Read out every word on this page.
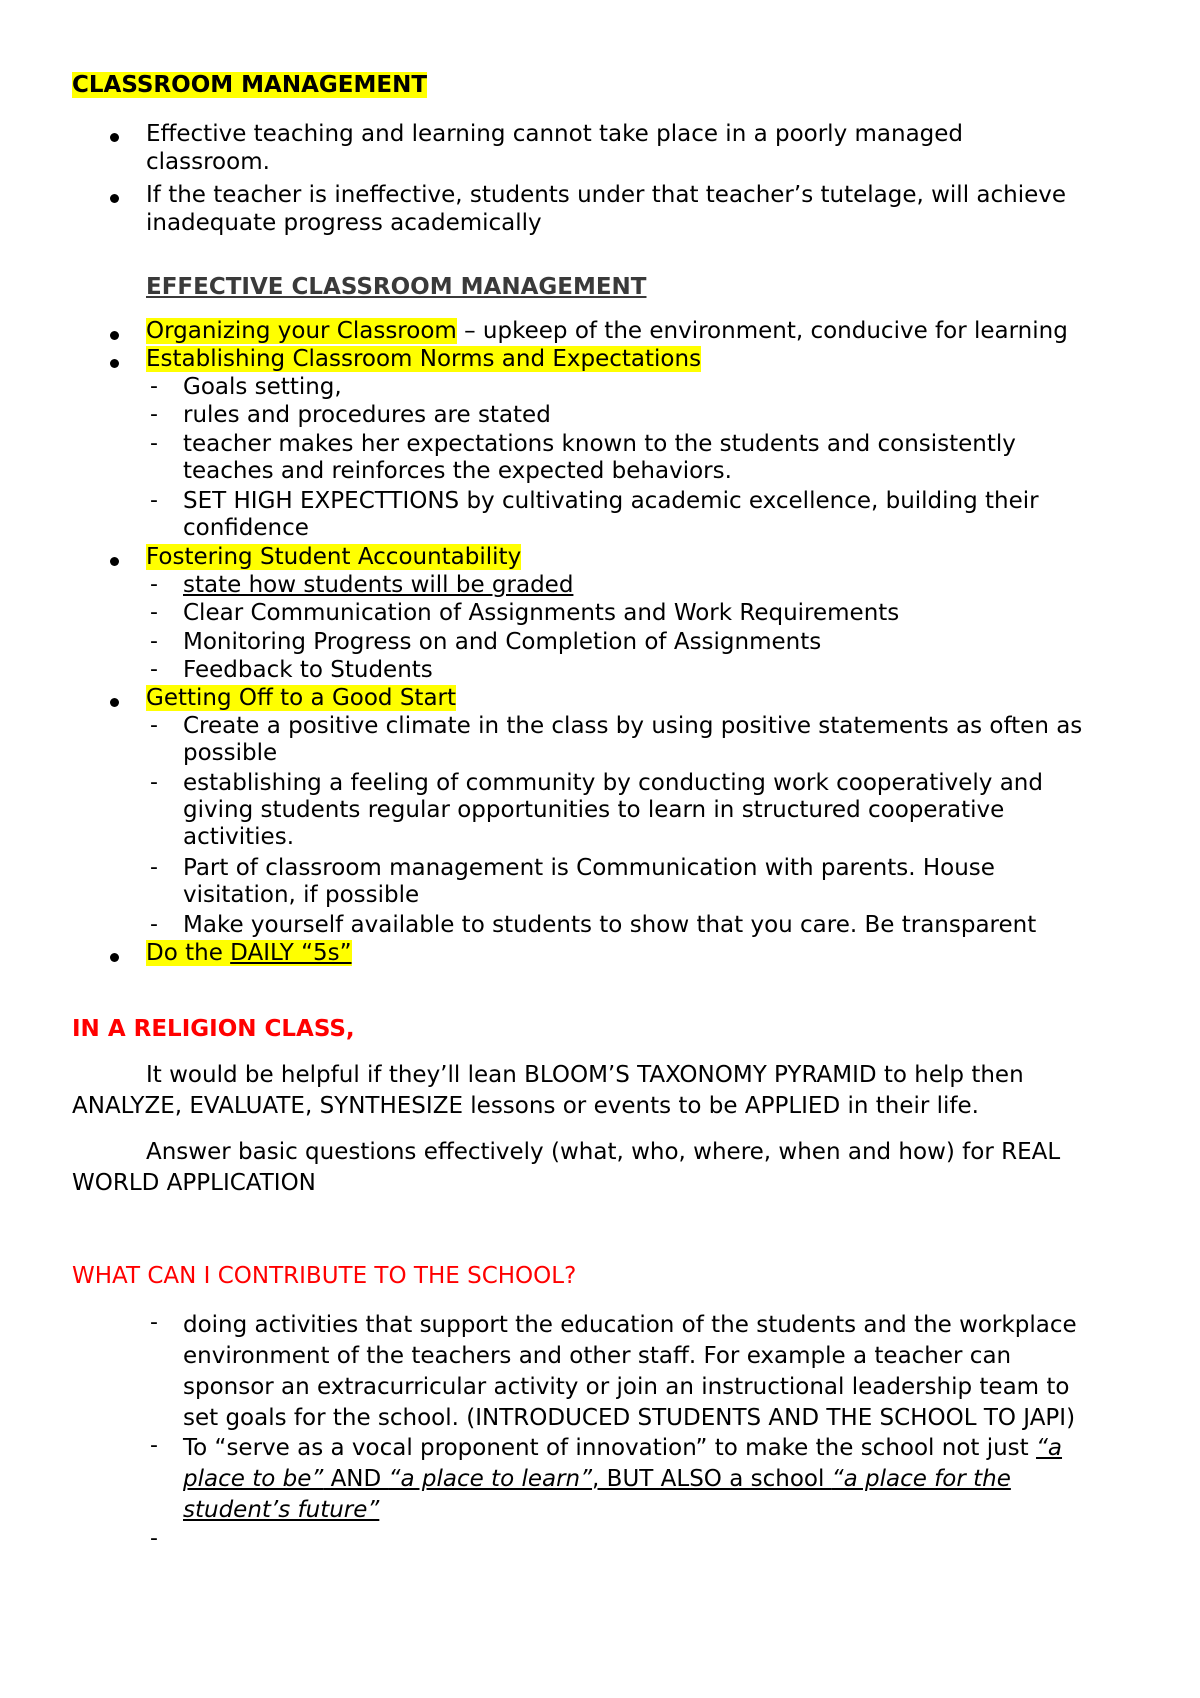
CLASSROOM MANAGEMENT
Effective teaching and learning cannot take place in a poorly managed
classroom.
If the teacher is ineffective, students under that teacher’s tutelage, will achieve
inadequate progress academically
EFFECTIVE CLASSROOM MANAGEMENT
Organizing your Classroom – upkeep of the environment, conducive for learning
Establishing Classroom Norms and Expectations
- Goals setting,
- rules and procedures are stated
- teacher makes her expectations known to the students and consistently
teaches and reinforces the expected behaviors.
- SET HIGH EXPECTTIONS by cultivating academic excellence, building their
confidence
Fostering Student Accountability
- state how students will be graded
- Clear Communication of Assignments and Work Requirements
- Monitoring Progress on and Completion of Assignments
- Feedback to Students
Getting Off to a Good Start
- Create a positive climate in the class by using positive statements as often as
possible
- establishing a feeling of community by conducting work cooperatively and
giving students regular opportunities to learn in structured cooperative
activities.
- Part of classroom management is Communication with parents. House
visitation, if possible
- Make yourself available to students to show that you care. Be transparent
Do the DAILY “5s”
IN A RELIGION CLASS,
It would be helpful if they’ll lean BLOOM’S TAXONOMY PYRAMID to help then
ANALYZE, EVALUATE, SYNTHESIZE lessons or events to be APPLIED in their life.
Answer basic questions effectively (what, who, where, when and how) for REAL
WORLD APPLICATION
WHAT CAN I CONTRIBUTE TO THE SCHOOL?
- doing activities that support the education of the students and the workplace
environment of the teachers and other staff. For example a teacher can
sponsor an extracurricular activity or join an instructional leadership team to
set goals for the school. (INTRODUCED STUDENTS AND THE SCHOOL TO JAPI)
- To “serve as a vocal proponent of innovation” to make the school not just “a
place to be” AND “a place to learn”, BUT ALSO a school “a place for the
student’s future”
-
